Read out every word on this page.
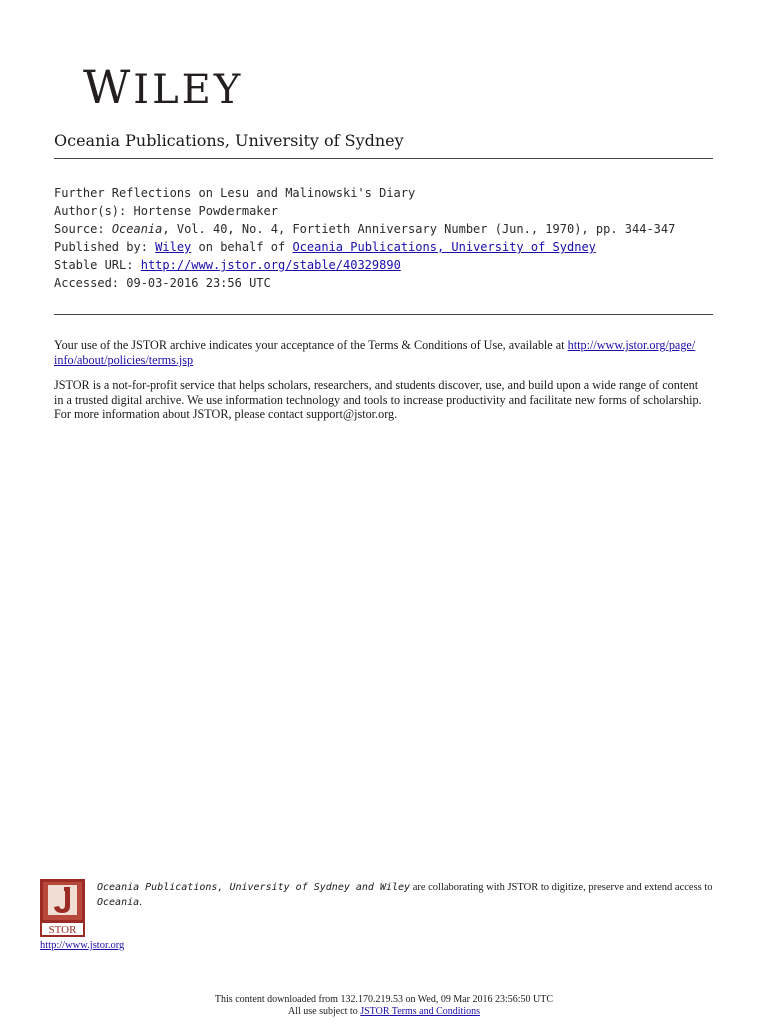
WILEY
Oceania Publications, University of Sydney
Further Reflections on Lesu and Malinowski's Diary
Author(s): Hortense Powdermaker
Source: Oceania, Vol. 40, No. 4, Fortieth Anniversary Number (Jun., 1970), pp. 344-347
Published by: Wiley on behalf of Oceania Publications, University of Sydney
Stable URL: http://www.jstor.org/stable/40329890
Accessed: 09-03-2016 23:56 UTC
Your use of the JSTOR archive indicates your acceptance of the Terms & Conditions of Use, available at http://www.jstor.org/page/
info/about/policies/terms.jsp
JSTOR is a not-for-profit service that helps scholars, researchers, and students discover, use, and build upon a wide range of content
in a trusted digital archive. We use information technology and tools to increase productivity and facilitate new forms of scholarship.
For more information about JSTOR, please contact support@jstor.org.
STOR
Oceania Publications, University of Sydney and Wiley are collaborating with JSTOR to digitize, preserve and extend access to
Oceania.
http://www.jstor.org
This content downloaded from 132.170.219.53 on Wed, 09 Mar 2016 23:56:50 UTC
All use subject to JSTOR Terms and Conditions
